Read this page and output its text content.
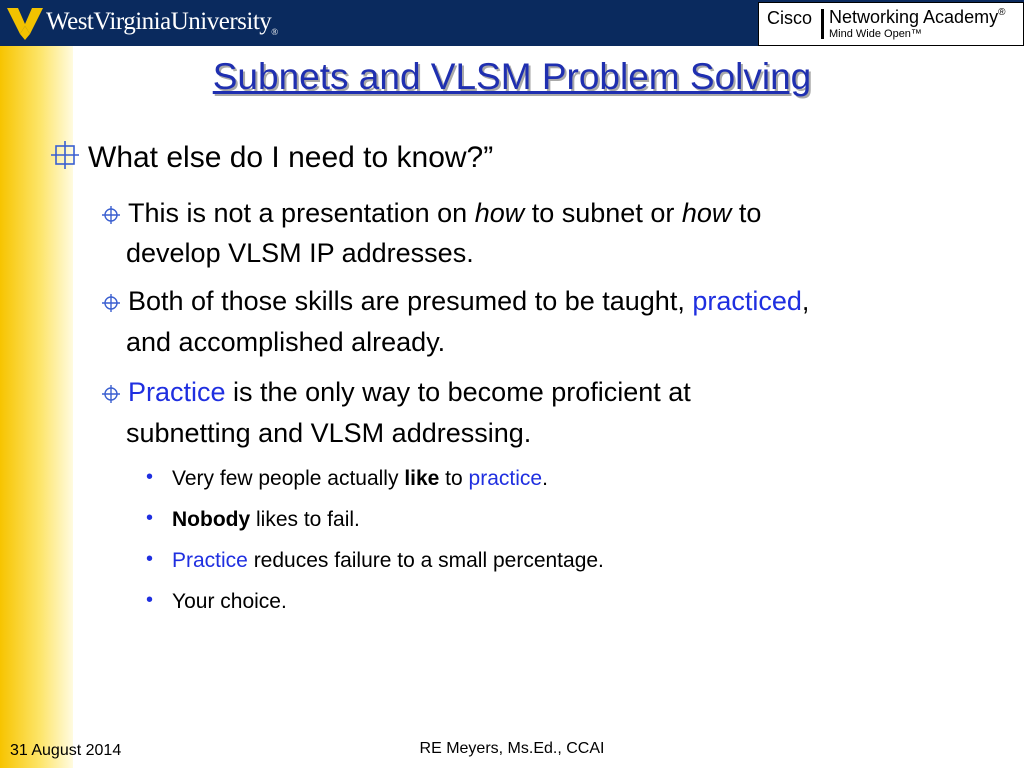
WestVirginiaUniversity$_®$
Cisco Networking Academy®
Mind Wide Open™
Subnets and VLSM Problem Solving
What else do I need to know?”
This is not a presentation on how to subnet or how to
develop VLSM IP addresses.
Both of those skills are presumed to be taught, practiced,
and accomplished already.
Practice is the only way to become proficient at
subnetting and VLSM addressing.
• Very few people actually like to practice.
• Nobody likes to fail.
• Practice reduces failure to a small percentage.
• Your choice.
31 August 2014	RE Meyers, Ms.Ed., CCAI
